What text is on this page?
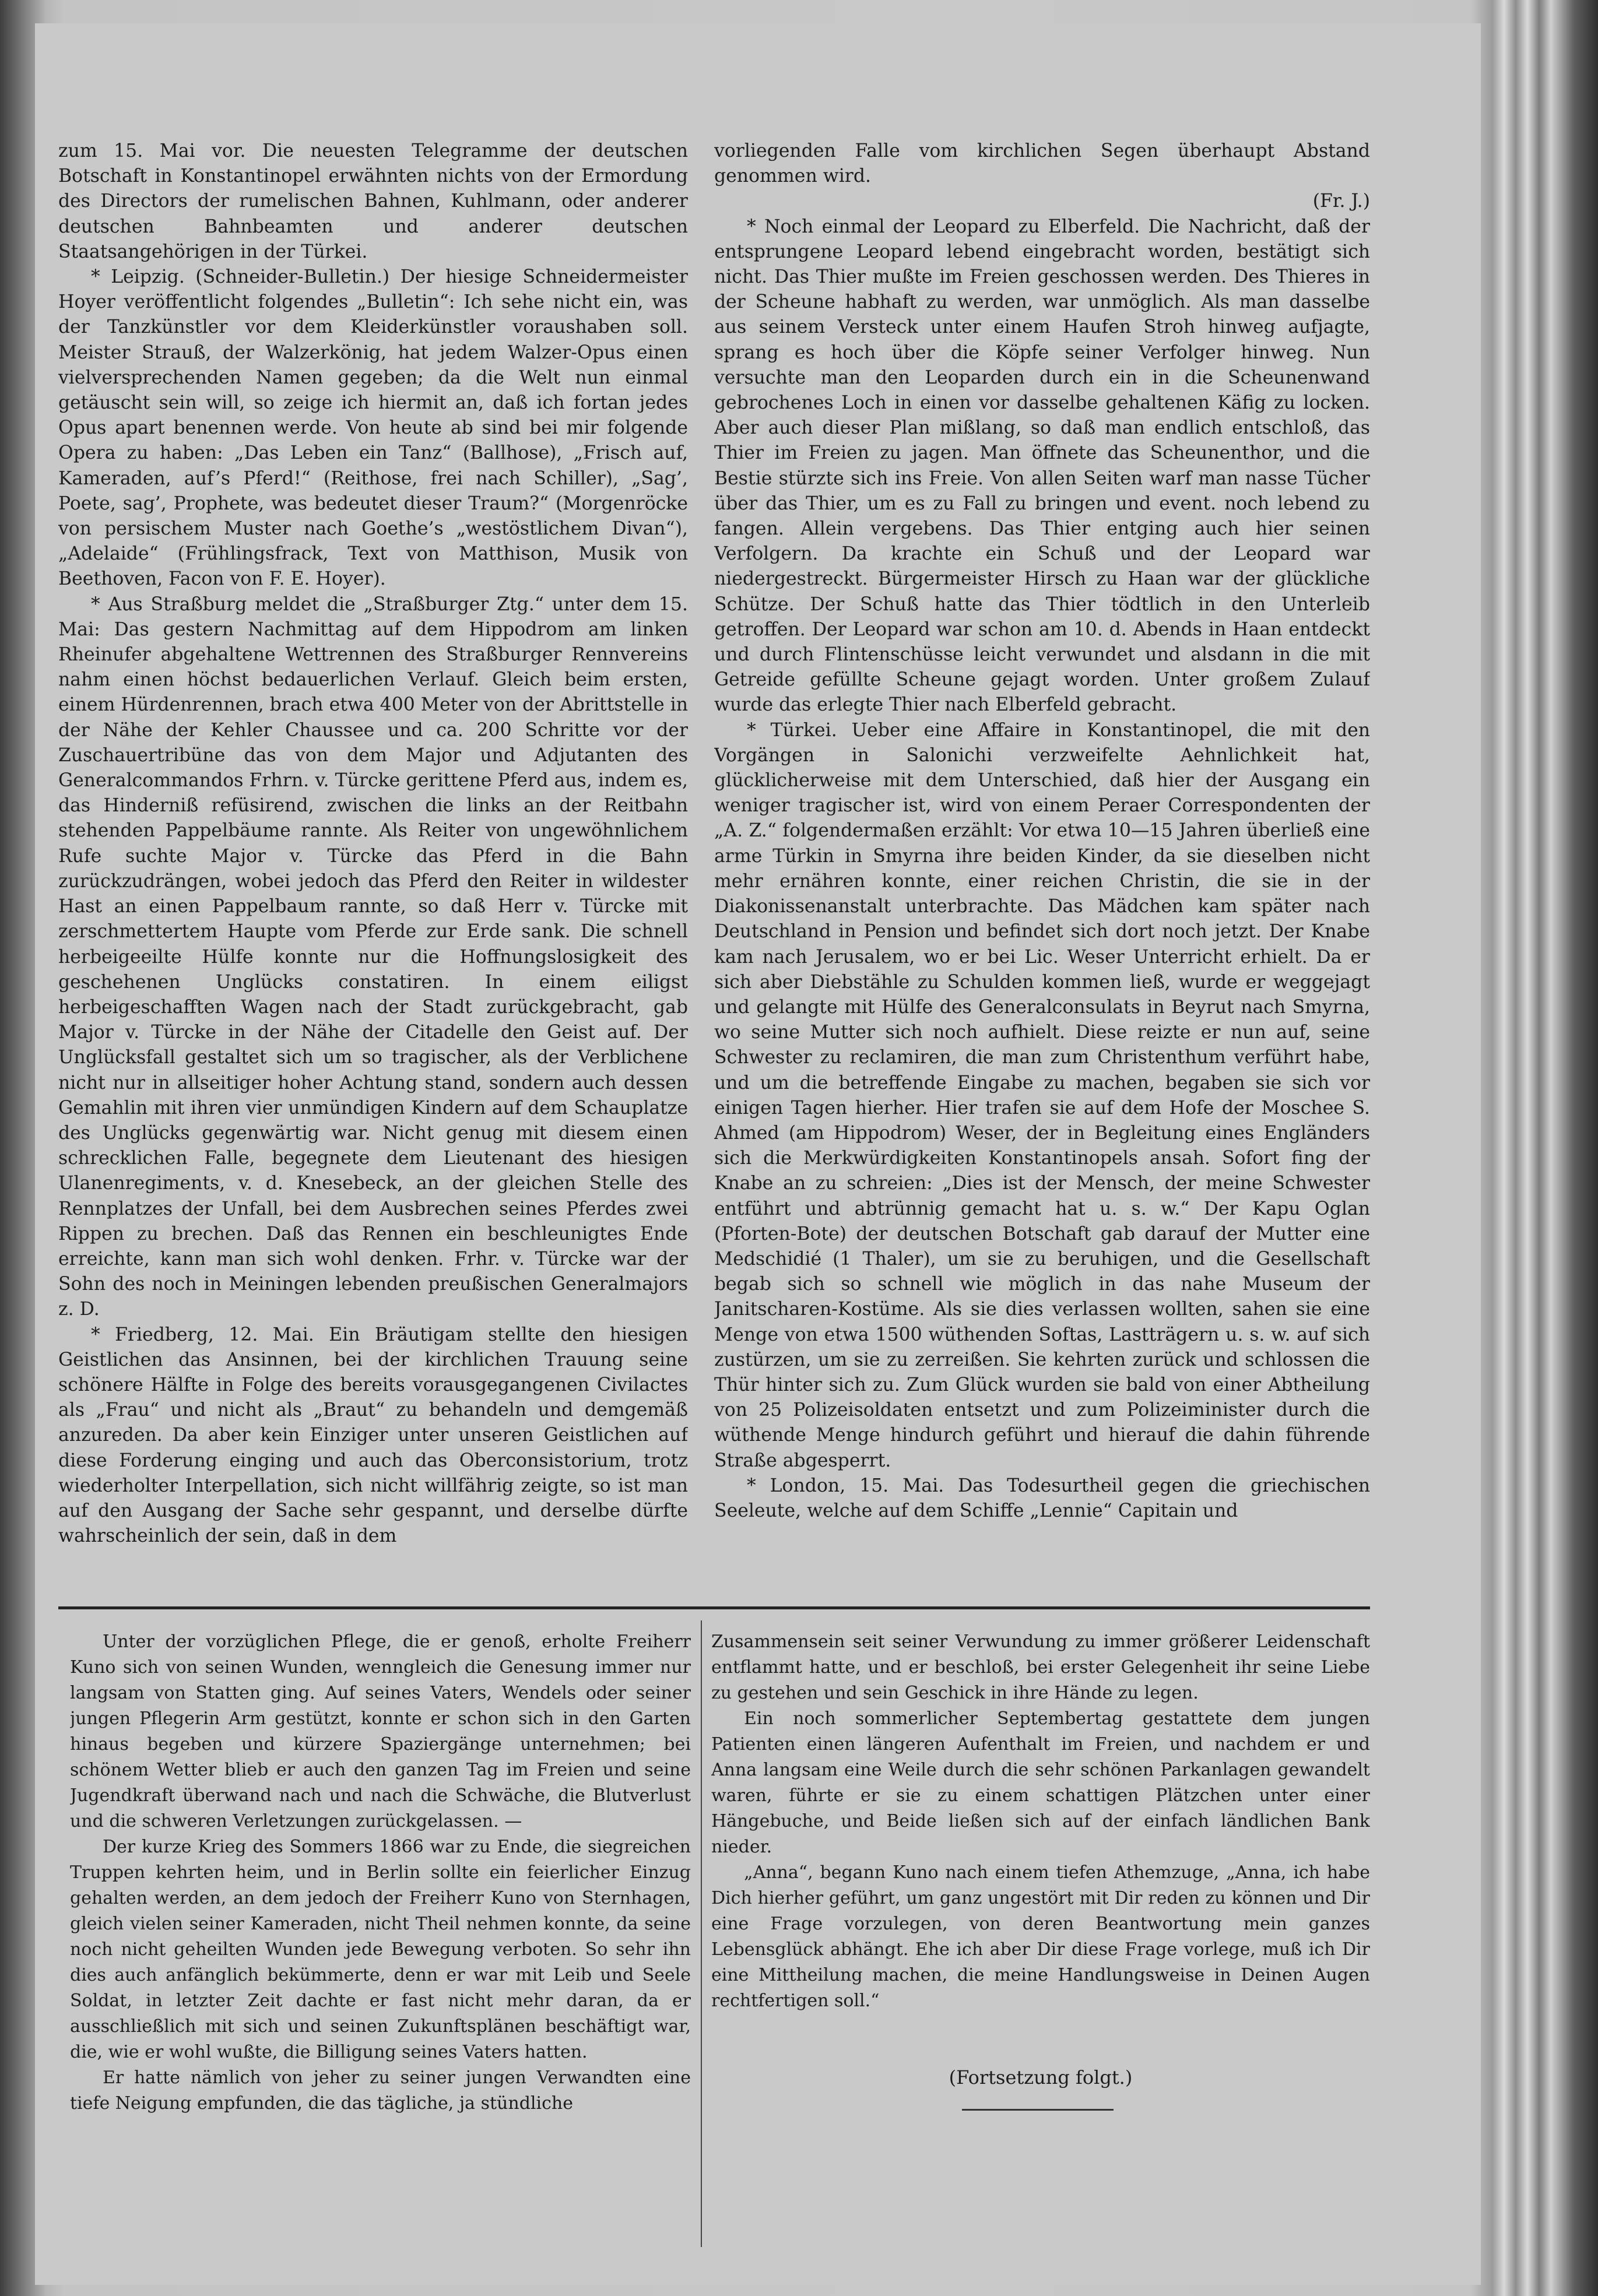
zum 15. Mai vor. Die neuesten Telegramme der deutschen Botschaft in Konstantinopel erwähnten nichts von der Ermordung des Directors der rumelischen Bahnen, Kuhlmann, oder anderer deutschen Bahnbeamten und anderer deutschen Staatsangehörigen in der Türkei.

* Leipzig. (Schneider-Bulletin.) Der hiesige Schneidermeister Hoyer veröffentlicht folgendes „Bulletin“: Ich sehe nicht ein, was der Tanzkünstler vor dem Kleiderkünstler voraushaben soll. Meister Strauß, der Walzerkönig, hat jedem Walzer-Opus einen vielversprechenden Namen gegeben; da die Welt nun einmal getäuscht sein will, so zeige ich hiermit an, daß ich fortan jedes Opus apart benennen werde. Von heute ab sind bei mir folgende Opera zu haben: „Das Leben ein Tanz“ (Ballhose), „Frisch auf, Kameraden, auf’s Pferd!“ (Reithose, frei nach Schiller), „Sag’, Poete, sag’, Prophete, was bedeutet dieser Traum?“ (Morgenröcke von persischem Muster nach Goethe’s „westöstlichem Divan“), „Adelaide“ (Frühlingsfrack, Text von Matthison, Musik von Beethoven, Facon von F. E. Hoyer).

* Aus Straßburg meldet die „Straßburger Ztg.“ unter dem 15. Mai: Das gestern Nachmittag auf dem Hippodrom am linken Rheinufer abgehaltene Wettrennen des Straßburger Rennvereins nahm einen höchst bedauerlichen Verlauf. Gleich beim ersten, einem Hürdenrennen, brach etwa 400 Meter von der Abrittstelle in der Nähe der Kehler Chaussee und ca. 200 Schritte vor der Zuschauertribüne das von dem Major und Adjutanten des Generalcommandos Frhrn. v. Türcke gerittene Pferd aus, indem es, das Hinderniß refüsirend, zwischen die links an der Reitbahn stehenden Pappelbäume rannte. Als Reiter von ungewöhnlichem Rufe suchte Major v. Türcke das Pferd in die Bahn zurückzudrängen, wobei jedoch das Pferd den Reiter in wildester Hast an einen Pappelbaum rannte, so daß Herr v. Türcke mit zerschmettertem Haupte vom Pferde zur Erde sank. Die schnell herbeigeeilte Hülfe konnte nur die Hoffnungslosigkeit des geschehenen Unglücks constatiren. In einem eiligst herbeigeschafften Wagen nach der Stadt zurückgebracht, gab Major v. Türcke in der Nähe der Citadelle den Geist auf. Der Unglücksfall gestaltet sich um so tragischer, als der Verblichene nicht nur in allseitiger hoher Achtung stand, sondern auch dessen Gemahlin mit ihren vier unmündigen Kindern auf dem Schauplatze des Unglücks gegenwärtig war. Nicht genug mit diesem einen schrecklichen Falle, begegnete dem Lieutenant des hiesigen Ulanenregiments, v. d. Knesebeck, an der gleichen Stelle des Rennplatzes der Unfall, bei dem Ausbrechen seines Pferdes zwei Rippen zu brechen. Daß das Rennen ein beschleunigtes Ende erreichte, kann man sich wohl denken. Frhr. v. Türcke war der Sohn des noch in Meiningen lebenden preußischen Generalmajors z. D.

* Friedberg, 12. Mai. Ein Bräutigam stellte den hiesigen Geistlichen das Ansinnen, bei der kirchlichen Trauung seine schönere Hälfte in Folge des bereits vorausgegangenen Civilactes als „Frau“ und nicht als „Braut“ zu behandeln und demgemäß anzureden. Da aber kein Einziger unter unseren Geistlichen auf diese Forderung einging und auch das Oberconsistorium, trotz wiederholter Interpellation, sich nicht willfährig zeigte, so ist man auf den Ausgang der Sache sehr gespannt, und derselbe dürfte wahrscheinlich der sein, daß in dem

vorliegenden Falle vom kirchlichen Segen überhaupt Abstand genommen wird.

(Fr. J.)

* Noch einmal der Leopard zu Elberfeld. Die Nachricht, daß der entsprungene Leopard lebend eingebracht worden, bestätigt sich nicht. Das Thier mußte im Freien geschossen werden. Des Thieres in der Scheune habhaft zu werden, war unmöglich. Als man dasselbe aus seinem Versteck unter einem Haufen Stroh hinweg aufjagte, sprang es hoch über die Köpfe seiner Verfolger hinweg. Nun versuchte man den Leoparden durch ein in die Scheunenwand gebrochenes Loch in einen vor dasselbe gehaltenen Käfig zu locken. Aber auch dieser Plan mißlang, so daß man endlich entschloß, das Thier im Freien zu jagen. Man öffnete das Scheunenthor, und die Bestie stürzte sich ins Freie. Von allen Seiten warf man nasse Tücher über das Thier, um es zu Fall zu bringen und event. noch lebend zu fangen. Allein vergebens. Das Thier entging auch hier seinen Verfolgern. Da krachte ein Schuß und der Leopard war niedergestreckt. Bürgermeister Hirsch zu Haan war der glückliche Schütze. Der Schuß hatte das Thier tödtlich in den Unterleib getroffen. Der Leopard war schon am 10. d. Abends in Haan entdeckt und durch Flintenschüsse leicht verwundet und alsdann in die mit Getreide gefüllte Scheune gejagt worden. Unter großem Zulauf wurde das erlegte Thier nach Elberfeld gebracht.

* Türkei. Ueber eine Affaire in Konstantinopel, die mit den Vorgängen in Salonichi verzweifelte Aehnlichkeit hat, glücklicherweise mit dem Unterschied, daß hier der Ausgang ein weniger tragischer ist, wird von einem Peraer Correspondenten der „A. Z.“ folgendermaßen erzählt: Vor etwa 10—15 Jahren überließ eine arme Türkin in Smyrna ihre beiden Kinder, da sie dieselben nicht mehr ernähren konnte, einer reichen Christin, die sie in der Diakonissenanstalt unterbrachte. Das Mädchen kam später nach Deutschland in Pension und befindet sich dort noch jetzt. Der Knabe kam nach Jerusalem, wo er bei Lic. Weser Unterricht erhielt. Da er sich aber Diebstähle zu Schulden kommen ließ, wurde er weggejagt und gelangte mit Hülfe des Generalconsulats in Beyrut nach Smyrna, wo seine Mutter sich noch aufhielt. Diese reizte er nun auf, seine Schwester zu reclamiren, die man zum Christenthum verführt habe, und um die betreffende Eingabe zu machen, begaben sie sich vor einigen Tagen hierher. Hier trafen sie auf dem Hofe der Moschee S. Ahmed (am Hippodrom) Weser, der in Begleitung eines Engländers sich die Merkwürdigkeiten Konstantinopels ansah. Sofort fing der Knabe an zu schreien: „Dies ist der Mensch, der meine Schwester entführt und abtrünnig gemacht hat u. s. w.“ Der Kapu Oglan (Pforten-Bote) der deutschen Botschaft gab darauf der Mutter eine Medschidié (1 Thaler), um sie zu beruhigen, und die Gesellschaft begab sich so schnell wie möglich in das nahe Museum der Janitscharen-Kostüme. Als sie dies verlassen wollten, sahen sie eine Menge von etwa 1500 wüthenden Softas, Lastträgern u. s. w. auf sich zustürzen, um sie zu zerreißen. Sie kehrten zurück und schlossen die Thür hinter sich zu. Zum Glück wurden sie bald von einer Abtheilung von 25 Polizeisoldaten entsetzt und zum Polizeiminister durch die wüthende Menge hindurch geführt und hierauf die dahin führende Straße abgesperrt.

* London, 15. Mai. Das Todesurtheil gegen die griechischen Seeleute, welche auf dem Schiffe „Lennie“ Capitain und

Unter der vorzüglichen Pflege, die er genoß, erholte Freiherr Kuno sich von seinen Wunden, wenngleich die Genesung immer nur langsam von Statten ging. Auf seines Vaters, Wendels oder seiner jungen Pflegerin Arm gestützt, konnte er schon sich in den Garten hinaus begeben und kürzere Spaziergänge unternehmen; bei schönem Wetter blieb er auch den ganzen Tag im Freien und seine Jugendkraft überwand nach und nach die Schwäche, die Blutverlust und die schweren Verletzungen zurückgelassen. —

Der kurze Krieg des Sommers 1866 war zu Ende, die siegreichen Truppen kehrten heim, und in Berlin sollte ein feierlicher Einzug gehalten werden, an dem jedoch der Freiherr Kuno von Sternhagen, gleich vielen seiner Kameraden, nicht Theil nehmen konnte, da seine noch nicht geheilten Wunden jede Bewegung verboten. So sehr ihn dies auch anfänglich bekümmerte, denn er war mit Leib und Seele Soldat, in letzter Zeit dachte er fast nicht mehr daran, da er ausschließlich mit sich und seinen Zukunftsplänen beschäftigt war, die, wie er wohl wußte, die Billigung seines Vaters hatten.

Er hatte nämlich von jeher zu seiner jungen Verwandten eine tiefe Neigung empfunden, die das tägliche, ja stündliche

Zusammensein seit seiner Verwundung zu immer größerer Leidenschaft entflammt hatte, und er beschloß, bei erster Gelegenheit ihr seine Liebe zu gestehen und sein Geschick in ihre Hände zu legen.

Ein noch sommerlicher Septembertag gestattete dem jungen Patienten einen längeren Aufenthalt im Freien, und nachdem er und Anna langsam eine Weile durch die sehr schönen Parkanlagen gewandelt waren, führte er sie zu einem schattigen Plätzchen unter einer Hängebuche, und Beide ließen sich auf der einfach ländlichen Bank nieder.

„Anna“, begann Kuno nach einem tiefen Athemzuge, „Anna, ich habe Dich hierher geführt, um ganz ungestört mit Dir reden zu können und Dir eine Frage vorzulegen, von deren Beantwortung mein ganzes Lebensglück abhängt. Ehe ich aber Dir diese Frage vorlege, muß ich Dir eine Mittheilung machen, die meine Handlungsweise in Deinen Augen rechtfertigen soll.“

(Fortsetzung folgt.)
